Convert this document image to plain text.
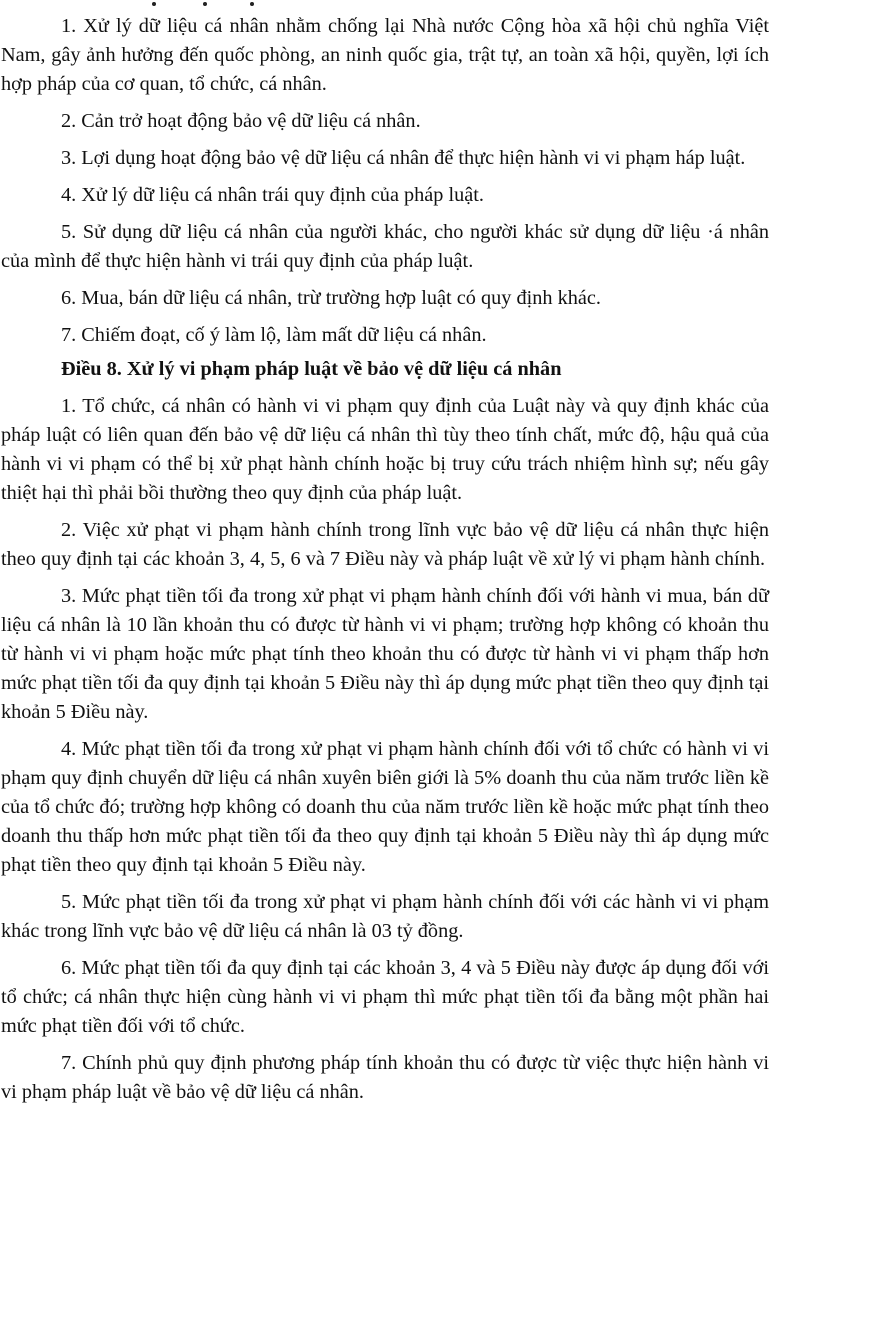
1. Xử lý dữ liệu cá nhân nhằm chống lại Nhà nước Cộng hòa xã hội chủ nghĩa Việt Nam, gây ảnh hưởng đến quốc phòng, an ninh quốc gia, trật tự, an toàn xã hội, quyền, lợi ích hợp pháp của cơ quan, tổ chức, cá nhân.

2. Cản trở hoạt động bảo vệ dữ liệu cá nhân.

3. Lợi dụng hoạt động bảo vệ dữ liệu cá nhân để thực hiện hành vi vi phạm háp luật.

4. Xử lý dữ liệu cá nhân trái quy định của pháp luật.

5. Sử dụng dữ liệu cá nhân của người khác, cho người khác sử dụng dữ liệu ·á nhân của mình để thực hiện hành vi trái quy định của pháp luật.

6. Mua, bán dữ liệu cá nhân, trừ trường hợp luật có quy định khác.

7. Chiếm đoạt, cố ý làm lộ, làm mất dữ liệu cá nhân.

Điều 8. Xử lý vi phạm pháp luật về bảo vệ dữ liệu cá nhân

1. Tổ chức, cá nhân có hành vi vi phạm quy định của Luật này và quy định khác của pháp luật có liên quan đến bảo vệ dữ liệu cá nhân thì tùy theo tính chất, mức độ, hậu quả của hành vi vi phạm có thể bị xử phạt hành chính hoặc bị truy cứu trách nhiệm hình sự; nếu gây thiệt hại thì phải bồi thường theo quy định của pháp luật.

2. Việc xử phạt vi phạm hành chính trong lĩnh vực bảo vệ dữ liệu cá nhân thực hiện theo quy định tại các khoản 3, 4, 5, 6 và 7 Điều này và pháp luật về xử lý vi phạm hành chính.

3. Mức phạt tiền tối đa trong xử phạt vi phạm hành chính đối với hành vi mua, bán dữ liệu cá nhân là 10 lần khoản thu có được từ hành vi vi phạm; trường hợp không có khoản thu từ hành vi vi phạm hoặc mức phạt tính theo khoản thu có được từ hành vi vi phạm thấp hơn mức phạt tiền tối đa quy định tại khoản 5 Điều này thì áp dụng mức phạt tiền theo quy định tại khoản 5 Điều này.

4. Mức phạt tiền tối đa trong xử phạt vi phạm hành chính đối với tổ chức có hành vi vi phạm quy định chuyển dữ liệu cá nhân xuyên biên giới là 5% doanh thu của năm trước liền kề của tổ chức đó; trường hợp không có doanh thu của năm trước liền kề hoặc mức phạt tính theo doanh thu thấp hơn mức phạt tiền tối đa theo quy định tại khoản 5 Điều này thì áp dụng mức phạt tiền theo quy định tại khoản 5 Điều này.

5. Mức phạt tiền tối đa trong xử phạt vi phạm hành chính đối với các hành vi vi phạm khác trong lĩnh vực bảo vệ dữ liệu cá nhân là 03 tỷ đồng.

6. Mức phạt tiền tối đa quy định tại các khoản 3, 4 và 5 Điều này được áp dụng đối với tổ chức; cá nhân thực hiện cùng hành vi vi phạm thì mức phạt tiền tối đa bằng một phần hai mức phạt tiền đối với tổ chức.

7. Chính phủ quy định phương pháp tính khoản thu có được từ việc thực hiện hành vi vi phạm pháp luật về bảo vệ dữ liệu cá nhân.
